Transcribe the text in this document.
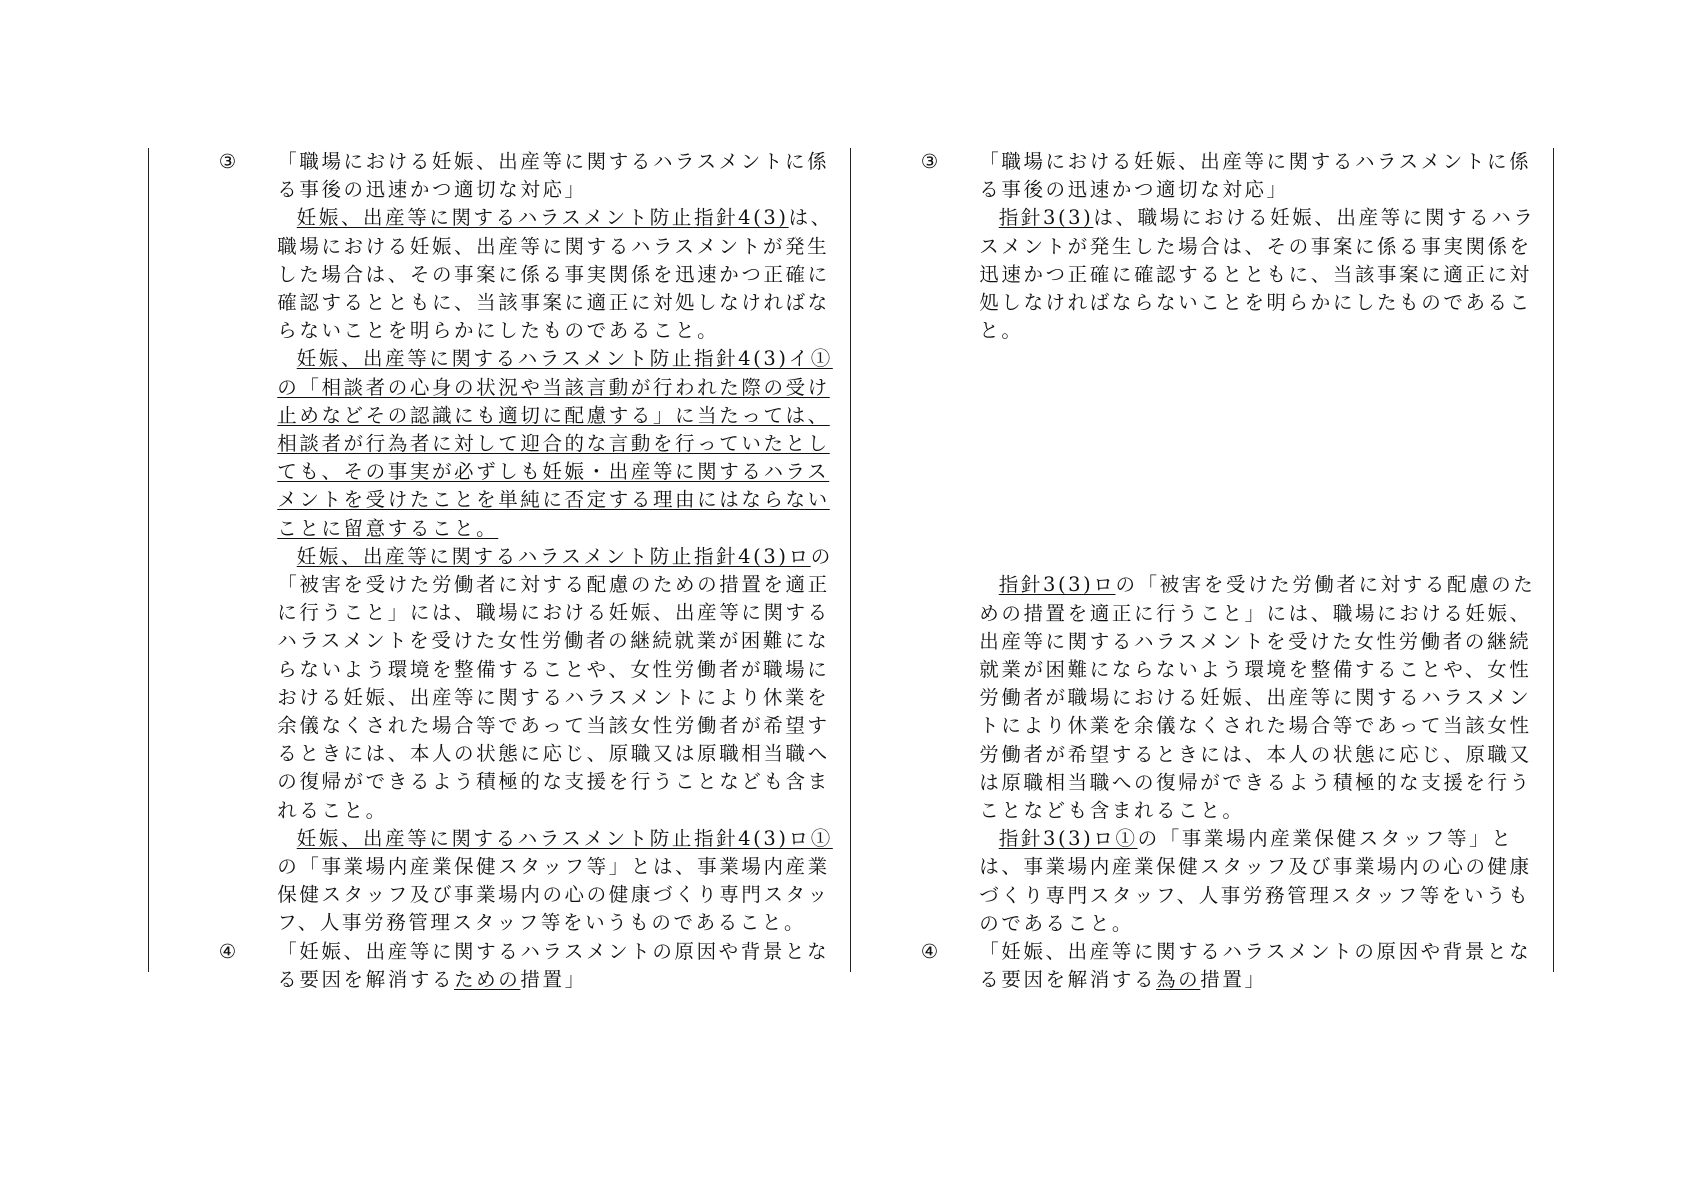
③ 「職場における妊娠、出産等に関するハラスメントに係る事後の迅速かつ適切な対応」

妊娠、出産等に関するハラスメント防止指針4(3)は、職場における妊娠、出産等に関するハラスメントが発生した場合は、その事案に係る事実関係を迅速かつ正確に確認するとともに、当該事案に適正に対処しなければならないことを明らかにしたものであること。

妊娠、出産等に関するハラスメント防止指針4(3)イ①の「相談者の心身の状況や当該言動が行われた際の受け止めなどその認識にも適切に配慮する」に当たっては、相談者が行為者に対して迎合的な言動を行っていたとしても、その事実が必ずしも妊娠・出産等に関するハラスメントを受けたことを単純に否定する理由にはならないことに留意すること。

妊娠、出産等に関するハラスメント防止指針4(3)ロの「被害を受けた労働者に対する配慮のための措置を適正に行うこと」には、職場における妊娠、出産等に関するハラスメントを受けた女性労働者の継続就業が困難にならないよう環境を整備することや、女性労働者が職場における妊娠、出産等に関するハラスメントにより休業を余儀なくされた場合等であって当該女性労働者が希望するときには、本人の状態に応じ、原職又は原職相当職への復帰ができるよう積極的な支援を行うことなども含まれること。

妊娠、出産等に関するハラスメント防止指針4(3)ロ①の「事業場内産業保健スタッフ等」とは、事業場内産業保健スタッフ及び事業場内の心の健康づくり専門スタッフ、人事労務管理スタッフ等をいうものであること。

④ 「妊娠、出産等に関するハラスメントの原因や背景となる要因を解消するための措置」

③ 「職場における妊娠、出産等に関するハラスメントに係る事後の迅速かつ適切な対応」

指針3(3)は、職場における妊娠、出産等に関するハラスメントが発生した場合は、その事案に係る事実関係を迅速かつ正確に確認するとともに、当該事案に適正に対処しなければならないことを明らかにしたものであること。

指針3(3)ロの「被害を受けた労働者に対する配慮のための措置を適正に行うこと」には、職場における妊娠、出産等に関するハラスメントを受けた女性労働者の継続就業が困難にならないよう環境を整備することや、女性労働者が職場における妊娠、出産等に関するハラスメントにより休業を余儀なくされた場合等であって当該女性労働者が希望するときには、本人の状態に応じ、原職又は原職相当職への復帰ができるよう積極的な支援を行うことなども含まれること。

指針3(3)ロ①の「事業場内産業保健スタッフ等」とは、事業場内産業保健スタッフ及び事業場内の心の健康づくり専門スタッフ、人事労務管理スタッフ等をいうものであること。

④ 「妊娠、出産等に関するハラスメントの原因や背景となる要因を解消する為の措置」
